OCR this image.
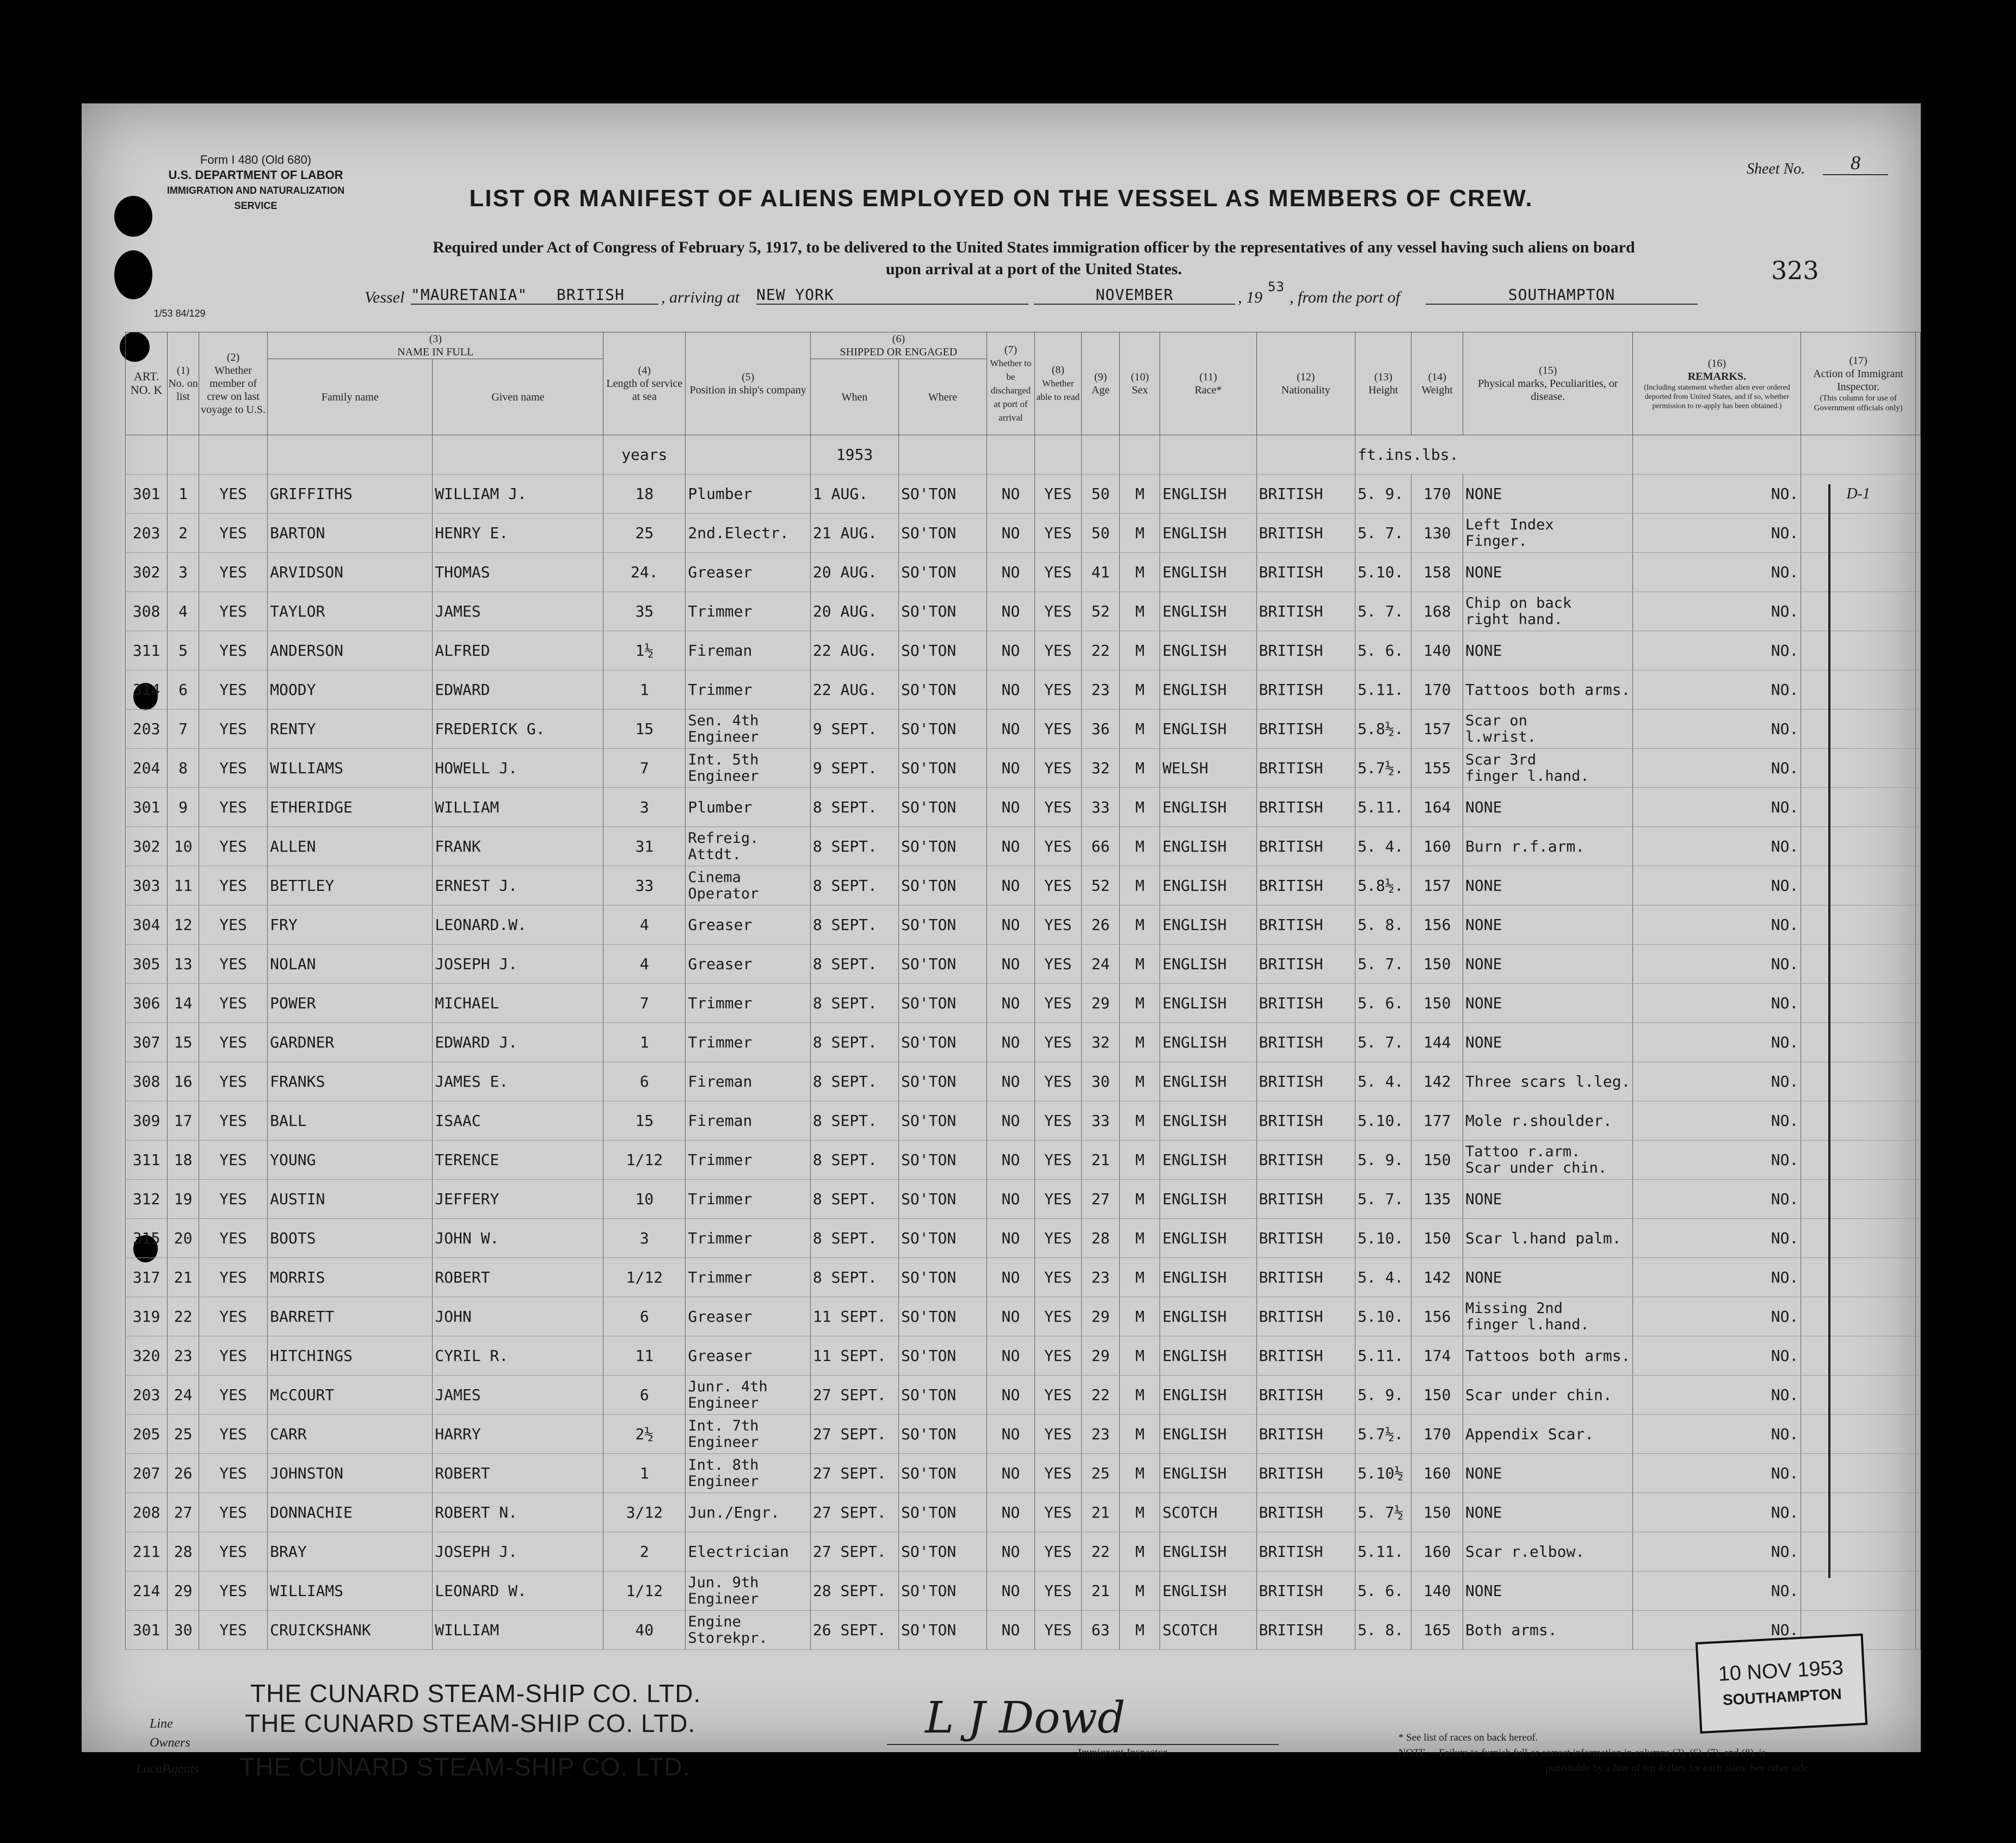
Form I 480 (Old 680)
U.S. DEPARTMENT OF LABOR
IMMIGRATION AND NATURALIZATION SERVICE
1/53 84/129
Sheet No.	8
323
LIST OR MANIFEST OF ALIENS EMPLOYED ON THE VESSEL AS MEMBERS OF CREW.
Required under Act of Congress of February 5, 1917, to be delivered to the United States immigration officer by the representatives of any vessel having such aliens on board
upon arrival at a port of the United States.
Vessel "MAURETANIA"   BRITISH	, arriving at NEW YORK	NOVEMBER	, 19
53
, from the port of	SOUTHAMPTON
ART. NO. K	(1)
No. on list	(2)
Whether member of crew on last voyage to U.S.	(3)
NAME IN FULL		(4)
Length of service at sea	(5)
Position in ship's company	(6)
SHIPPED OR ENGAGED		(7)
Whether to be discharged at port of arrival	(8)
Whether able to read	(9)
Age	(10)
Sex	(11)
Race*	(12)
Nationality	(13)
Height	(14)
Weight	(15)
Physical marks, Peculiarities, or disease.	(16)
REMARKS.
(Including statement whether alien ever ordered deported from United States, and if so, whether permission to re-apply has been obtained.)	(17)
Action of Immigrant Inspector.
(This column for use of Government officials only)	

			Family name	Given name			When	Where												
					years		1953								ft.ins.lbs.					
301	1	YES	GRIFFITHS	WILLIAM J.	18	Plumber	1 AUG.	SO'TON	NO	YES	50	M	ENGLISH	BRITISH	5. 9.	170	NONE	NO.	D-1	
203	2	YES	BARTON	HENRY E.	25	2nd.Electr.	21 AUG.	SO'TON	NO	YES	50	M	ENGLISH	BRITISH	5. 7.	130	Left Index
Finger.	NO.		
302	3	YES	ARVIDSON	THOMAS	24.	Greaser	20 AUG.	SO'TON	NO	YES	41	M	ENGLISH	BRITISH	5.10.	158	NONE	NO.		
308	4	YES	TAYLOR	JAMES	35	Trimmer	20 AUG.	SO'TON	NO	YES	52	M	ENGLISH	BRITISH	5. 7.	168	Chip on back
right hand.	NO.		
311	5	YES	ANDERSON	ALFRED	1½	Fireman	22 AUG.	SO'TON	NO	YES	22	M	ENGLISH	BRITISH	5. 6.	140	NONE	NO.		
314	6	YES	MOODY	EDWARD	1	Trimmer	22 AUG.	SO'TON	NO	YES	23	M	ENGLISH	BRITISH	5.11.	170	Tattoos both arms.	NO.		
203	7	YES	RENTY	FREDERICK G.	15	Sen. 4th
Engineer	9 SEPT.	SO'TON	NO	YES	36	M	ENGLISH	BRITISH	5.8½.	157	Scar on
l.wrist.	NO.		
204	8	YES	WILLIAMS	HOWELL J.	7	Int. 5th
Engineer	9 SEPT.	SO'TON	NO	YES	32	M	WELSH	BRITISH	5.7½.	155	Scar 3rd
finger l.hand.	NO.		
301	9	YES	ETHERIDGE	WILLIAM	3	Plumber	8 SEPT.	SO'TON	NO	YES	33	M	ENGLISH	BRITISH	5.11.	164	NONE	NO.		
302	10	YES	ALLEN	FRANK	31	Refreig.
Attdt.	8 SEPT.	SO'TON	NO	YES	66	M	ENGLISH	BRITISH	5. 4.	160	Burn r.f.arm.	NO.		
303	11	YES	BETTLEY	ERNEST J.	33	Cinema
Operator	8 SEPT.	SO'TON	NO	YES	52	M	ENGLISH	BRITISH	5.8½.	157	NONE	NO.		
304	12	YES	FRY	LEONARD.W.	4	Greaser	8 SEPT.	SO'TON	NO	YES	26	M	ENGLISH	BRITISH	5. 8.	156	NONE	NO.		
305	13	YES	NOLAN	JOSEPH J.	4	Greaser	8 SEPT.	SO'TON	NO	YES	24	M	ENGLISH	BRITISH	5. 7.	150	NONE	NO.		
306	14	YES	POWER	MICHAEL	7	Trimmer	8 SEPT.	SO'TON	NO	YES	29	M	ENGLISH	BRITISH	5. 6.	150	NONE	NO.		
307	15	YES	GARDNER	EDWARD J.	1	Trimmer	8 SEPT.	SO'TON	NO	YES	32	M	ENGLISH	BRITISH	5. 7.	144	NONE	NO.		
308	16	YES	FRANKS	JAMES E.	6	Fireman	8 SEPT.	SO'TON	NO	YES	30	M	ENGLISH	BRITISH	5. 4.	142	Three scars l.leg.	NO.		
309	17	YES	BALL	ISAAC	15	Fireman	8 SEPT.	SO'TON	NO	YES	33	M	ENGLISH	BRITISH	5.10.	177	Mole r.shoulder.	NO.		
311	18	YES	YOUNG	TERENCE	1/12	Trimmer	8 SEPT.	SO'TON	NO	YES	21	M	ENGLISH	BRITISH	5. 9.	150	Tattoo r.arm.
Scar under chin.	NO.		
312	19	YES	AUSTIN	JEFFERY	10	Trimmer	8 SEPT.	SO'TON	NO	YES	27	M	ENGLISH	BRITISH	5. 7.	135	NONE	NO.		
315	20	YES	BOOTS	JOHN W.	3	Trimmer	8 SEPT.	SO'TON	NO	YES	28	M	ENGLISH	BRITISH	5.10.	150	Scar l.hand palm.	NO.		
317	21	YES	MORRIS	ROBERT	1/12	Trimmer	8 SEPT.	SO'TON	NO	YES	23	M	ENGLISH	BRITISH	5. 4.	142	NONE	NO.		
319	22	YES	BARRETT	JOHN	6	Greaser	11 SEPT.	SO'TON	NO	YES	29	M	ENGLISH	BRITISH	5.10.	156	Missing 2nd
finger l.hand.	NO.		
320	23	YES	HITCHINGS	CYRIL R.	11	Greaser	11 SEPT.	SO'TON	NO	YES	29	M	ENGLISH	BRITISH	5.11.	174	Tattoos both arms.	NO.		
203	24	YES	McCOURT	JAMES	6	Junr. 4th
Engineer	27 SEPT.	SO'TON	NO	YES	22	M	ENGLISH	BRITISH	5. 9.	150	Scar under chin.	NO.		
205	25	YES	CARR	HARRY	2½	Int. 7th
Engineer	27 SEPT.	SO'TON	NO	YES	23	M	ENGLISH	BRITISH	5.7½.	170	Appendix Scar.	NO.		
207	26	YES	JOHNSTON	ROBERT	1	Int. 8th
Engineer	27 SEPT.	SO'TON	NO	YES	25	M	ENGLISH	BRITISH	5.10½	160	NONE	NO.		
208	27	YES	DONNACHIE	ROBERT N.	3/12	Jun./Engr.	27 SEPT.	SO'TON	NO	YES	21	M	SCOTCH	BRITISH	5. 7½	150	NONE	NO.		
211	28	YES	BRAY	JOSEPH J.	2	Electrician	27 SEPT.	SO'TON	NO	YES	22	M	ENGLISH	BRITISH	5.11.	160	Scar r.elbow.	NO.		
214	29	YES	WILLIAMS	LEONARD W.	1/12	Jun. 9th
Engineer	28 SEPT.	SO'TON	NO	YES	21	M	ENGLISH	BRITISH	5. 6.	140	NONE	NO.		
301	30	YES	CRUICKSHANK	WILLIAM	40	Engine
Storekpr.	26 SEPT.	SO'TON	NO	YES	63	M	SCOTCH	BRITISH	5. 8.	165	Both arms.	NO.		
THE CUNARD STEAM-SHIP CO. LTD.
Line	THE CUNARD STEAM-SHIP CO. LTD.
Owners
Local
Agents THE CUNARD STEAM-SHIP CO. LTD.
L J Dowd
Immigrant Inspector.
* See list of races on back hereof.
NOTE.—Failure to furnish full or correct information in columns (3), (6), (7), and (8), is
punishable by a fine of ten dollars for each alien. See other side.
10 NOV 1953
SOUTHAMPTON
